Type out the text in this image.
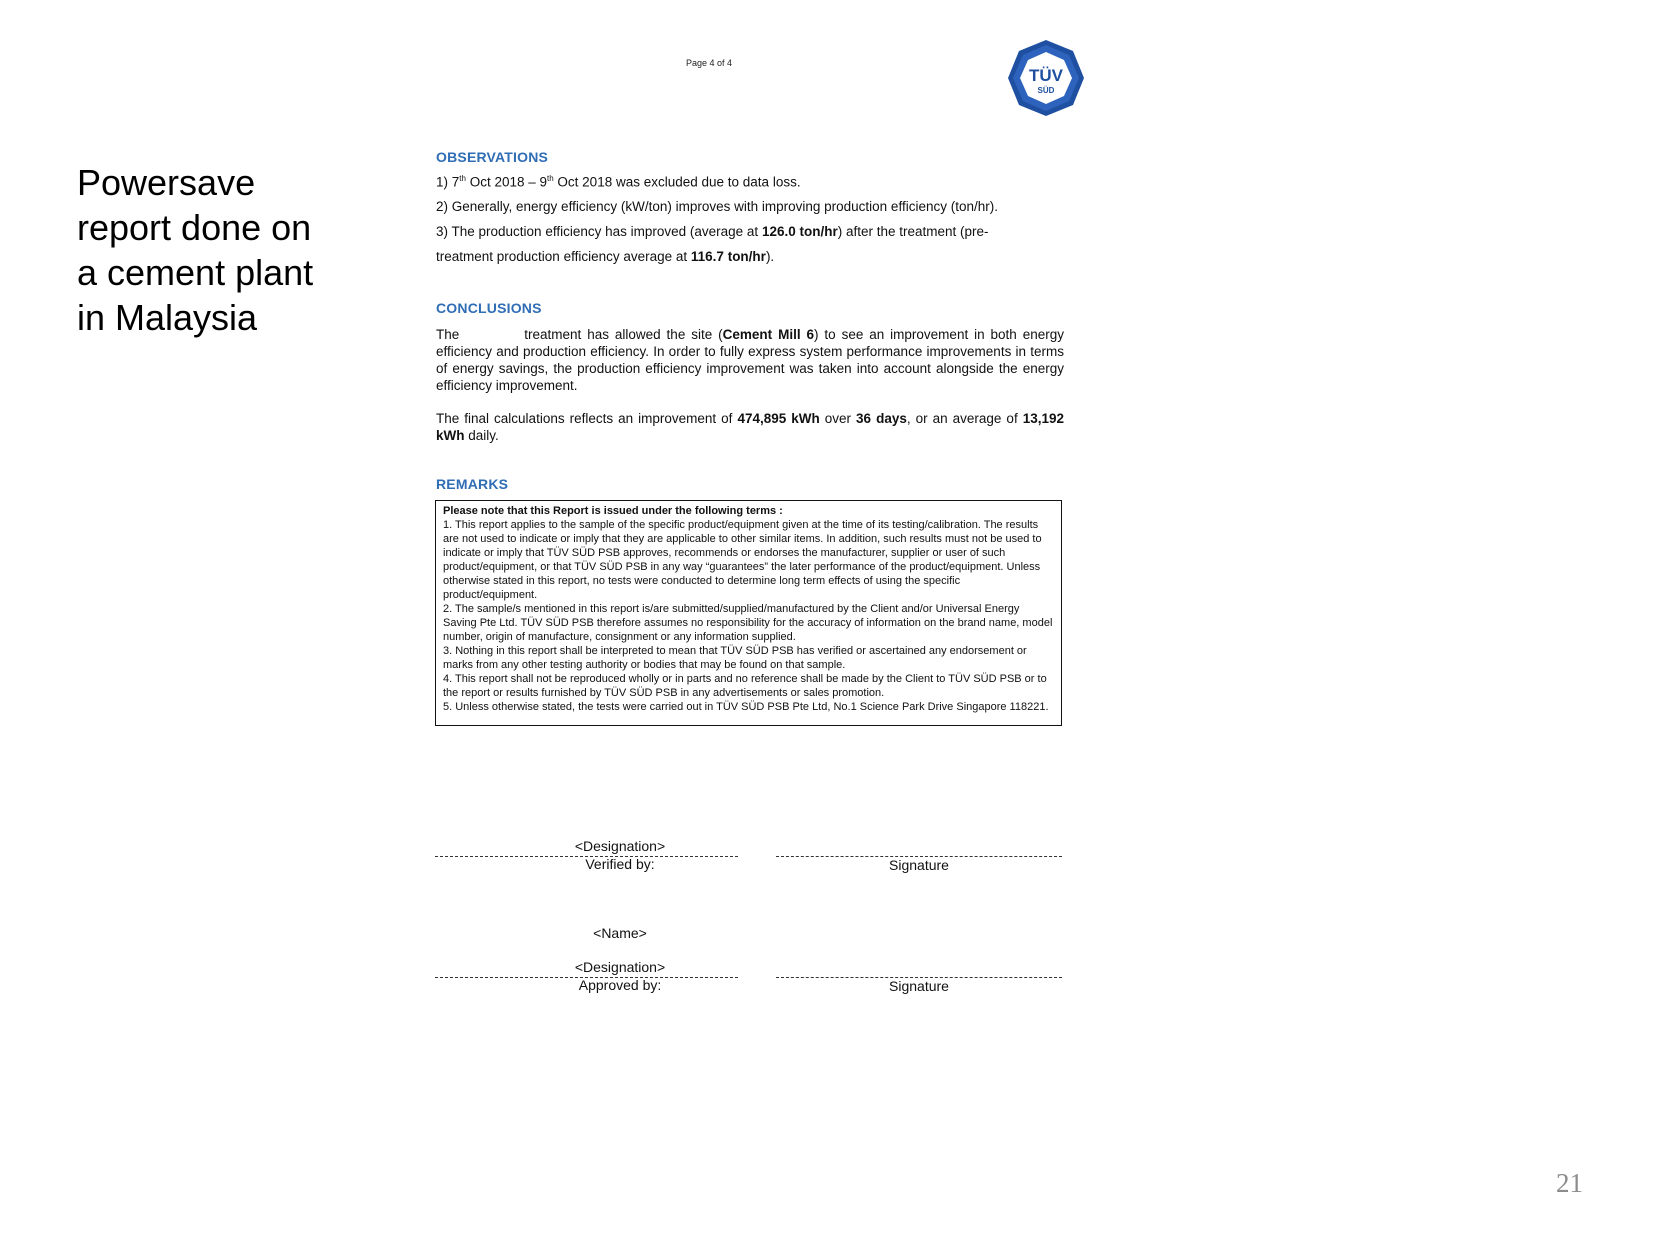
Powersave
report done on
a cement plant
in Malaysia
Page 4 of 4
TÜV
SÜD
OBSERVATIONS
1) 7th Oct 2018 – 9th Oct 2018 was excluded due to data loss.
2) Generally, energy efficiency (kW/ton) improves with improving production efficiency (ton/hr).
3) The production efficiency has improved (average at 126.0 ton/hr) after the treatment (pre-
treatment production efficiency average at 116.7 ton/hr).
CONCLUSIONS
The           treatment has allowed the site (Cement Mill 6) to see an improvement in both energy efficiency and production efficiency. In order to fully express system performance improvements in terms of energy savings, the production efficiency improvement was taken into account alongside the energy efficiency improvement.
The final calculations reflects an improvement of 474,895 kWh over 36 days, or an average of 13,192 kWh daily.
REMARKS

Please note that this Report is issued under the following terms :

1. This report applies to the sample of the specific product/equipment given at the time of its testing/calibration. The results are not used to indicate or imply that they are applicable to other similar items. In addition, such results must not be used to indicate or imply that TÜV SÜD PSB approves, recommends or endorses the manufacturer, supplier or user of such product/equipment, or that TÜV SÜD PSB in any way “guarantees” the later performance of the product/equipment. Unless otherwise stated in this report, no tests were conducted to determine long term effects of using the specific product/equipment.

2. The sample/s mentioned in this report is/are submitted/supplied/manufactured by the Client and/or Universal Energy Saving Pte Ltd. TÜV SÜD PSB therefore assumes no responsibility for the accuracy of information on the brand name, model number, origin of manufacture, consignment or any information supplied.

3. Nothing in this report shall be interpreted to mean that TÜV SÜD PSB has verified or ascertained any endorsement or marks from any other testing authority or bodies that may be found on that sample.

4. This report shall not be reproduced wholly or in parts and no reference shall be made by the Client to TÜV SÜD PSB or to the report or results furnished by TÜV SÜD PSB in any advertisements or sales promotion.

5. Unless otherwise stated, the tests were carried out in TÜV SÜD PSB Pte Ltd, No.1 Science Park Drive Singapore 118221.

<Designation>
Verified by:	Signature
<Name>
<Designation>
Approved by:	Signature
21
